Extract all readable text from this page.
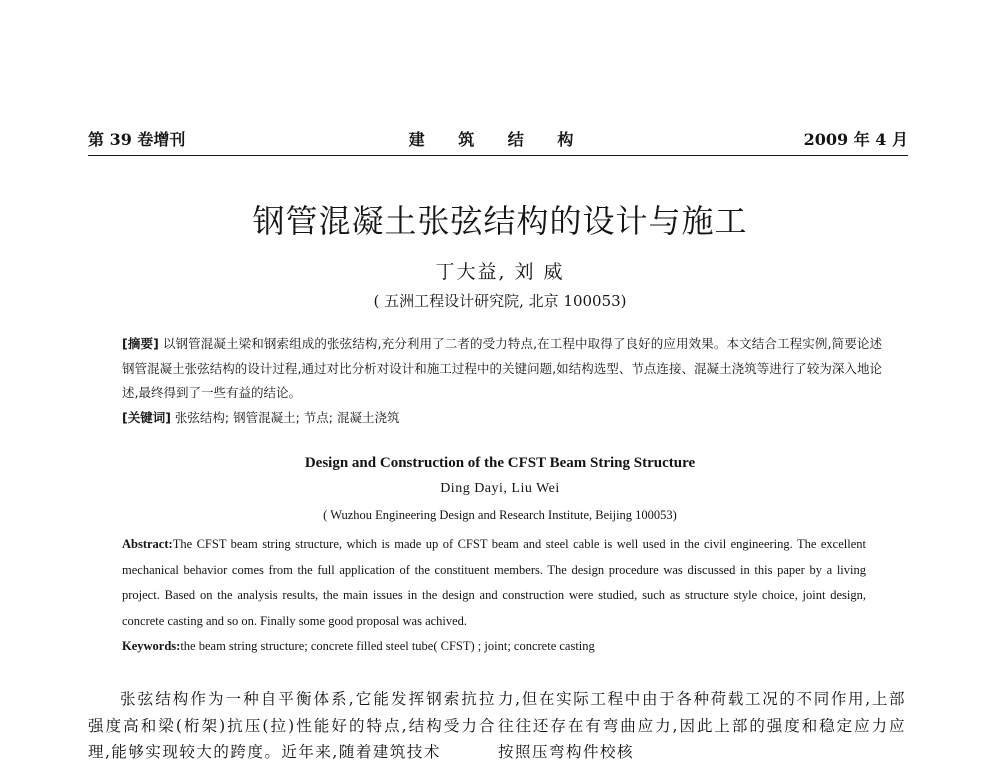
第 39 卷增刊	建 筑 结 构	2009 年 4 月
钢管混凝土张弦结构的设计与施工
丁大益, 刘 威
( 五洲工程设计研究院, 北京 100053)

[摘要] 以钢管混凝土梁和钢索组成的张弦结构,充分利用了二者的受力特点,在工程中取得了良好的应用效果。本文结合工程实例,简要论述钢管混凝土张弦结构的设计过程,通过对比分析对设计和施工过程中的关键问题,如结构选型、节点连接、混凝土浇筑等进行了较为深入地论述,最终得到了一些有益的结论。

[关键词] 张弦结构; 钢管混凝土; 节点; 混凝土浇筑

Design and Construction of the CFST Beam String Structure
Ding Dayi, Liu Wei
( Wuzhou Engineering Design and Research Institute, Beijing 100053)

Abstract:The CFST beam string structure, which is made up of CFST beam and steel cable is well used in the civil engineering. The excellent mechanical behavior comes from the full application of the constituent members. The design procedure was discussed in this paper by a living project. Based on the analysis results, the main issues in the design and construction were studied, such as structure style choice, joint design, concrete casting and so on. Finally some good proposal was achived.

Keywords:the beam string structure; concrete filled steel tube( CFST) ; joint; concrete casting

张弦结构作为一种自平衡体系,它能发挥钢索抗拉强度高和梁(桁架)抗压(拉)性能好的特点,结构受力合理,能够实现较大的跨度。近年来,随着建筑技术

力,但在实际工程中由于各种荷载工况的不同作用,上部往往还存在有弯曲应力,因此上部的强度和稳定应力应按照压弯构件校核
